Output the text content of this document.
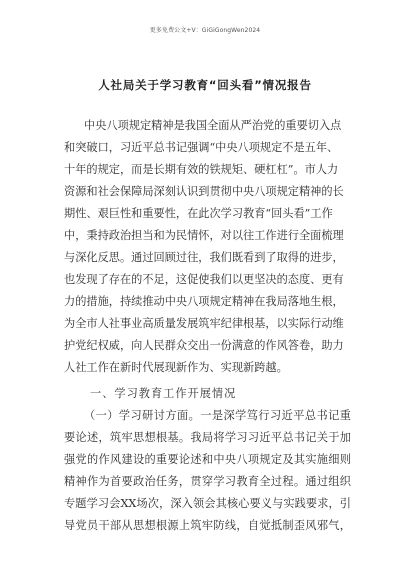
更多免费公文+V：GiGiGongWen2024
人社局关于学习教育“回头看”情况报告
中央八项规定精神是我国全面从严治党的重要切入点
和突破口，习近平总书记强调“中央八项规定不是五年、
十年的规定，而是长期有效的铁规矩、硬杠杠”。市人力
资源和社会保障局深刻认识到贯彻中央八项规定精神的长
期性、艰巨性和重要性，在此次学习教育“回头看”工作
中，秉持政治担当和为民情怀，对以往工作进行全面梳理
与深化反思。通过回顾过往，我们既看到了取得的进步，
也发现了存在的不足，这促使我们以更坚决的态度、更有
力的措施，持续推动中央八项规定精神在我局落地生根，
为全市人社事业高质量发展筑牢纪律根基，以实际行动维
护党纪权威，向人民群众交出一份满意的作风答卷，助力
人社工作在新时代展现新作为、实现新跨越。
一、学习教育工作开展情况
（一）学习研讨方面。一是深学笃行习近平总书记重
要论述，筑牢思想根基。我局将学习习近平总书记关于加
强党的作风建设的重要论述和中央八项规定及其实施细则
精神作为首要政治任务，贯穿学习教育全过程。通过组织
专题学习会XX场次，深入领会其核心要义与实践要求，引
导党员干部从思想根源上筑牢防线，自觉抵制歪风邪气，
